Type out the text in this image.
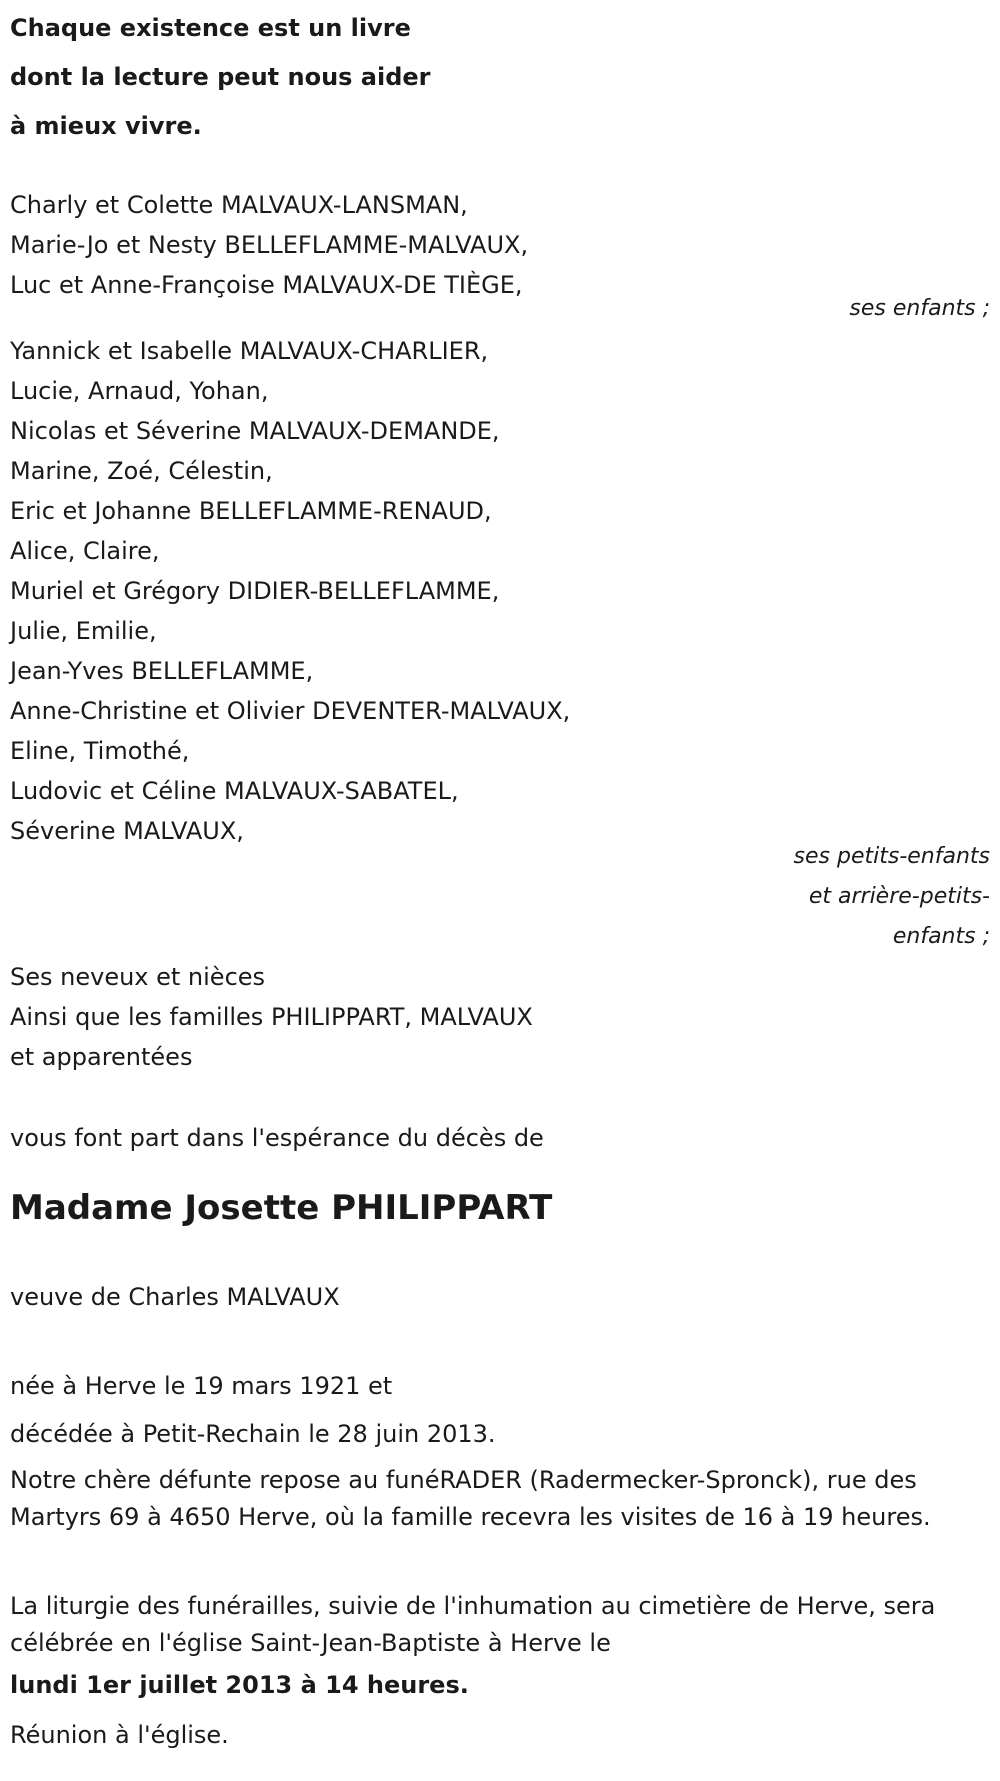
Chaque existence est un livre
dont la lecture peut nous aider
à mieux vivre.
Charly et Colette MALVAUX-LANSMAN,
Marie-Jo et Nesty BELLEFLAMME-MALVAUX,
Luc et Anne-Françoise MALVAUX-DE TIÈGE,
ses enfants ;
Yannick et Isabelle MALVAUX-CHARLIER,
Lucie, Arnaud, Yohan,
Nicolas et Séverine MALVAUX-DEMANDE,
Marine, Zoé, Célestin,
Eric et Johanne BELLEFLAMME-RENAUD,
Alice, Claire,
Muriel et Grégory DIDIER-BELLEFLAMME,
Julie, Emilie,
Jean-Yves BELLEFLAMME,
Anne-Christine et Olivier DEVENTER-MALVAUX,
Eline, Timothé,
Ludovic et Céline MALVAUX-SABATEL,
Séverine MALVAUX,
ses petits-enfants
et arrière-petits-
enfants ;
Ses neveux et nièces
Ainsi que les familles PHILIPPART, MALVAUX
et apparentées
vous font part dans l'espérance du décès de
Madame Josette PHILIPPART
veuve de Charles MALVAUX
née à Herve le 19 mars 1921 et
décédée à Petit-Rechain le 28 juin 2013.
Notre chère défunte repose au funéRADER (Radermecker-Spronck), rue des Martyrs 69 à 4650 Herve, où la famille recevra les visites de 16 à 19 heures.
La liturgie des funérailles, suivie de l'inhumation au cimetière de Herve, sera célébrée en l'église Saint-Jean-Baptiste à Herve le
lundi 1er juillet 2013 à 14 heures.
Réunion à l'église.
